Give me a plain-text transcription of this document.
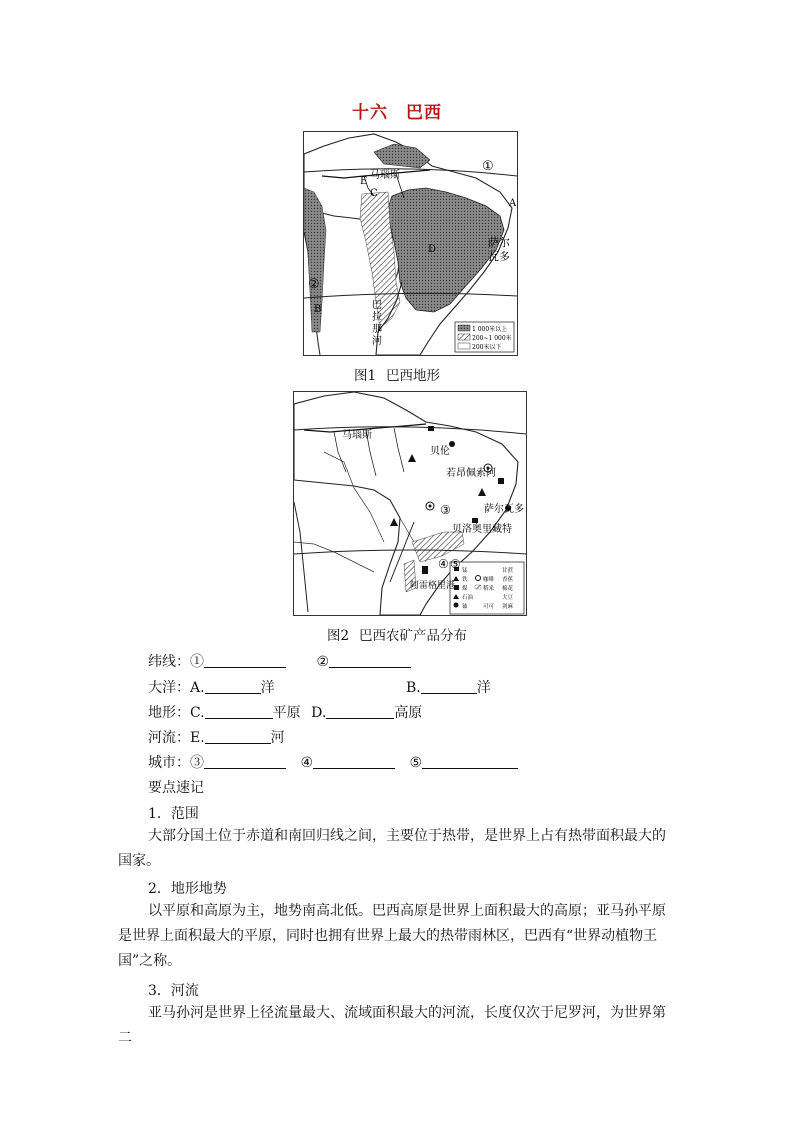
十六 巴西
1 000米以上
200~1 000米
200米以下
①
②
A
B
C
D
E
马瑙斯
萨尔
瓦多
巴
拉
那
河
图1 巴西地形
锰
铁
煤
石油
铀
咖啡
稻米
甘蔗
香蕉
棉花
大豆
可可 剑麻
马瑙斯
贝伦
若昂佩索阿
萨尔瓦多
贝洛奥里藏特
③
④ ⑤
阿雷格里港
图2 巴西农矿产品分布
纬线：①	②
大洋：A.	洋	B.	洋
地形：C.	平原 D.	高原
河流：E.	河
城市：③	④	⑤
要点速记
1．范围
大部分国土位于赤道和南回归线之间，主要位于热带，是世界上占有热带面积最大的国家。
2．地形地势
以平原和高原为主，地势南高北低。巴西高原是世界上面积最大的高原；亚马孙平原是世界上面积最大的平原，同时也拥有世界上最大的热带雨林区，巴西有“世界动植物王国”之称。
3．河流
亚马孙河是世界上径流量最大、流域面积最大的河流，长度仅次于尼罗河，为世界第二
